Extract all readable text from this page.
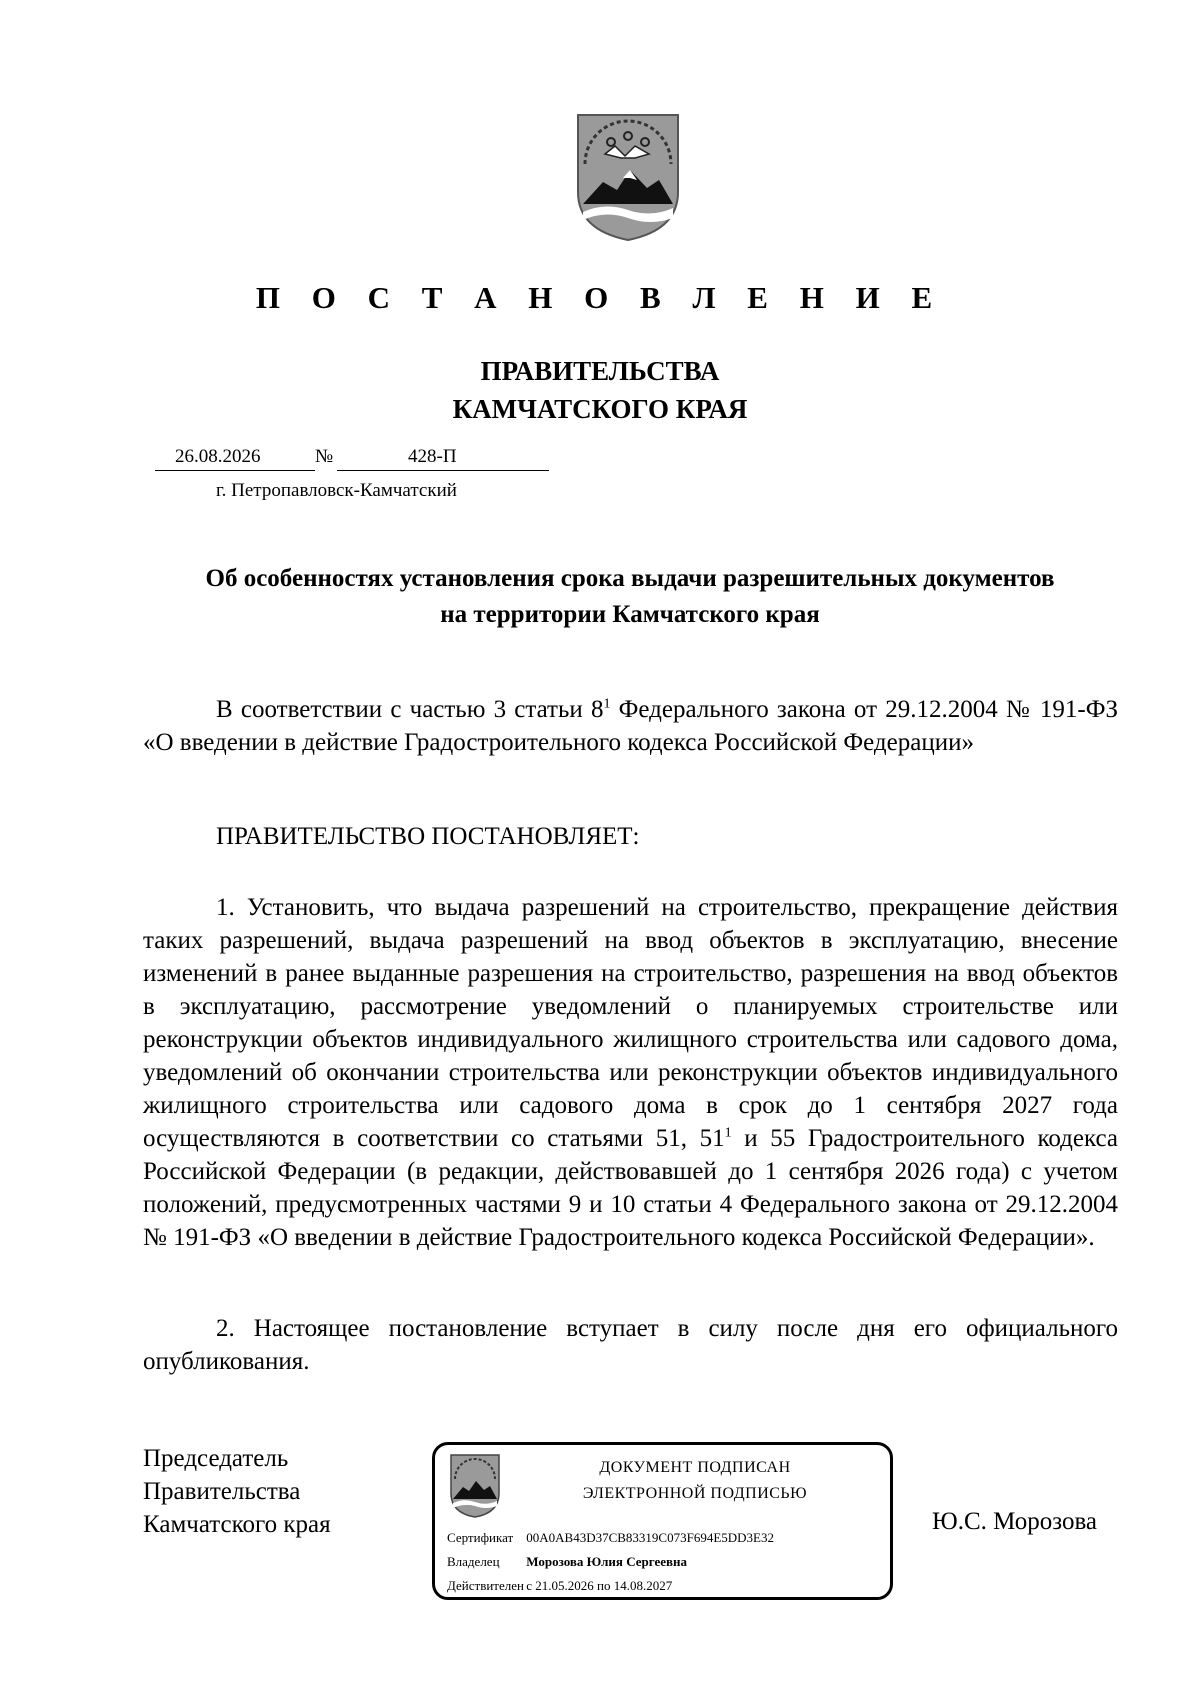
П О С Т А Н О В Л Е Н И Е
ПРАВИТЕЛЬСТВА
КАМЧАТСКОГО КРАЯ
26.08.2026	№	428-П
г. Петропавловск-Камчатский
Об особенностях установления срока выдачи разрешительных документов
на территории Камчатского края
В соответствии с частью 3 статьи $8^1$ Федерального закона от 29.12.2004 № 191-ФЗ «О введении в действие Градостроительного кодекса Российской Федерации»
ПРАВИТЕЛЬСТВО ПОСТАНОВЛЯЕТ:
1. Установить, что выдача разрешений на строительство, прекращение действия таких разрешений, выдача разрешений на ввод объектов в эксплуатацию, внесение изменений в ранее выданные разрешения на строительство, разрешения на ввод объектов в эксплуатацию, рассмотрение уведомлений о планируемых строительстве или реконструкции объектов индивидуального жилищного строительства или садового дома, уведомлений об окончании строительства или реконструкции объектов индивидуального жилищного строительства или садового дома в срок до 1 сентября 2027 года осуществляются в соответствии со статьями 51, $51^1$ и 55 Градостроительного кодекса Российской Федерации (в редакции, действовавшей до 1 сентября 2026 года) с учетом положений, предусмотренных частями 9 и 10 статьи 4 Федерального закона от 29.12.2004 № 191-ФЗ «О введении в действие Градостроительного кодекса Российской Федерации».
2. Настоящее постановление вступает в силу после дня его официального опубликования.
Председатель
Правительства
Камчатского края
ДОКУМЕНТ ПОДПИСАН
ЭЛЕКТРОННОЙ ПОДПИСЬЮ
Сертификат 00A0AB43D37CB83319C073F694E5DD3E32
Владелец Морозова Юлия Сергеевна
Действителен с 21.05.2026 по 14.08.2027
Ю.С. Морозова
